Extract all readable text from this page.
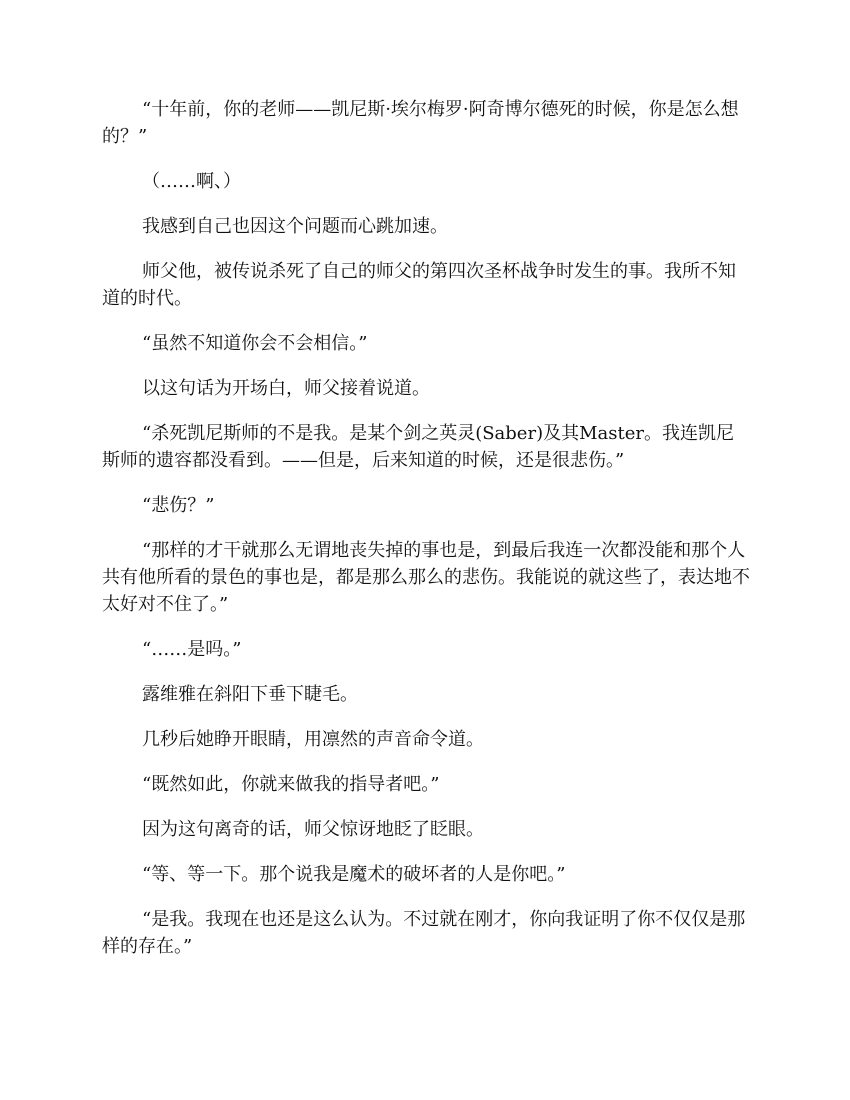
“十年前，你的老师——凯尼斯·埃尔梅罗·阿奇博尔德死的时候，你是怎么想的？”

（……啊、）

我感到自己也因这个问题而心跳加速。

师父他，被传说杀死了自己的师父的第四次圣杯战争时发生的事。我所不知道的时代。

“虽然不知道你会不会相信。”

以这句话为开场白，师父接着说道。

“杀死凯尼斯师的不是我。是某个剑之英灵(Saber)及其Master。我连凯尼斯师的遗容都没看到。——但是，后来知道的时候，还是很悲伤。”

“悲伤？”

“那样的才干就那么无谓地丧失掉的事也是，到最后我连一次都没能和那个人共有他所看的景色的事也是，都是那么那么的悲伤。我能说的就这些了，表达地不太好对不住了。”

“……是吗。”

露维雅在斜阳下垂下睫毛。

几秒后她睁开眼睛，用凛然的声音命令道。

“既然如此，你就来做我的指导者吧。”

因为这句离奇的话，师父惊讶地眨了眨眼。

“等、等一下。那个说我是魔术的破坏者的人是你吧。”

“是我。我现在也还是这么认为。不过就在刚才，你向我证明了你不仅仅是那样的存在。”
